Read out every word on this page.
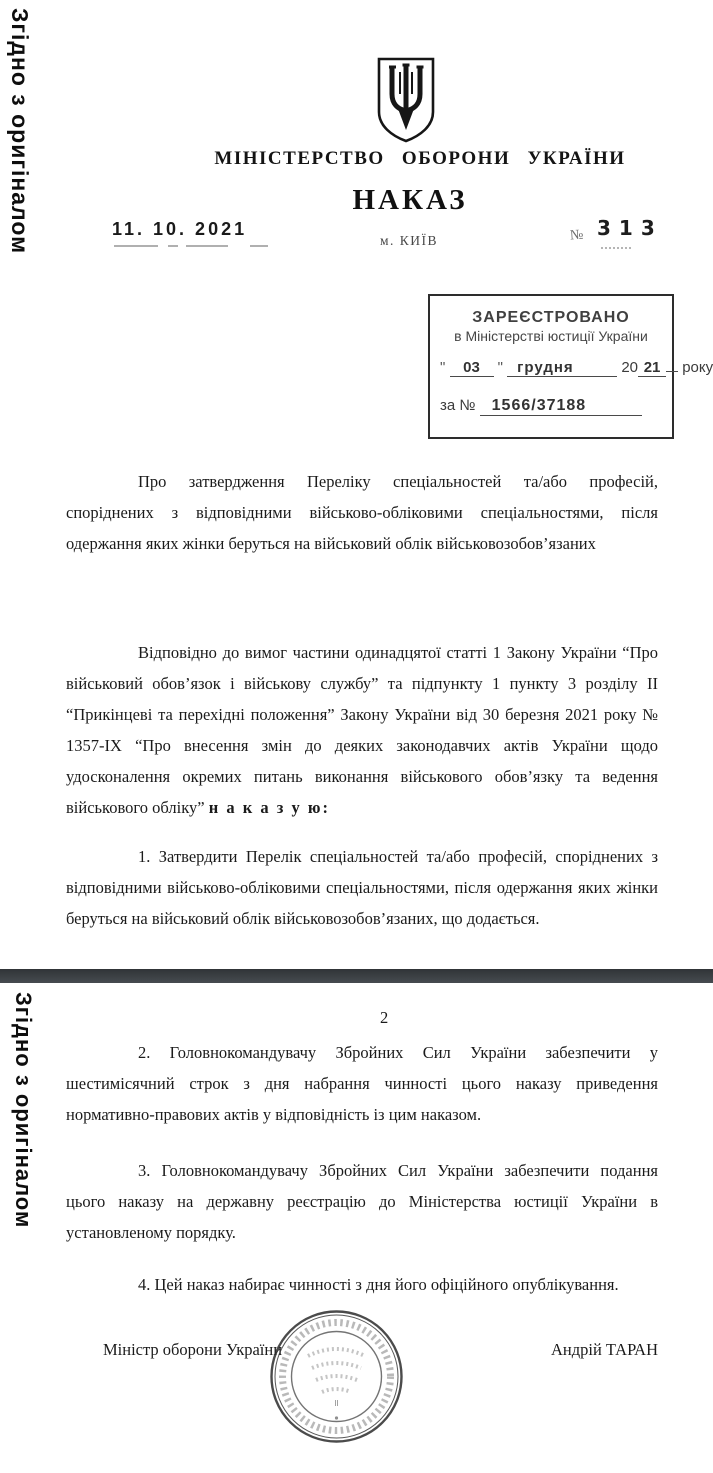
Згідно з оригіналом
Згідно з оригіналом
МІНІСТЕРСТВО ОБОРОНИ УКРАЇНИ
НАКАЗ
11. 10. 2021
м. КИЇВ	№ 313
ЗАРЕЄСТРОВАНО
в Міністерстві юстиції України
" 03 " грудня	20 21 року
за № 1566/37188
Про затвердження Переліку спеціальностей та/або професій, споріднених з відповідними військово-обліковими спеціальностями, після одержання яких жінки беруться на військовий облік військовозобов’язаних
Відповідно до вимог частини одинадцятої статті 1 Закону України “Про військовий обов’язок і військову службу” та підпункту 1 пункту 3 розділу ІІ “Прикінцеві та перехідні положення” Закону України від 30 березня 2021 року № 1357-IX “Про внесення змін до деяких законодавчих актів України щодо удосконалення окремих питань виконання військового обов’язку та ведення військового обліку” н а к а з у ю:
1. Затвердити Перелік спеціальностей та/або професій, споріднених з відповідними військово-обліковими спеціальностями, після одержання яких жінки беруться на військовий облік військовозобов’язаних, що додається.
2
2. Головнокомандувачу Збройних Сил України забезпечити у шестимісячний строк з дня набрання чинності цього наказу приведення нормативно-правових актів у відповідність із цим наказом.
3. Головнокомандувачу Збройних Сил України забезпечити подання цього наказу на державну реєстрацію до Міністерства юстиції України в установленому порядку.
4. Цей наказ набирає чинності з дня його офіційного опублікування.
Міністр оборони України	Андрій ТАРАН
II
